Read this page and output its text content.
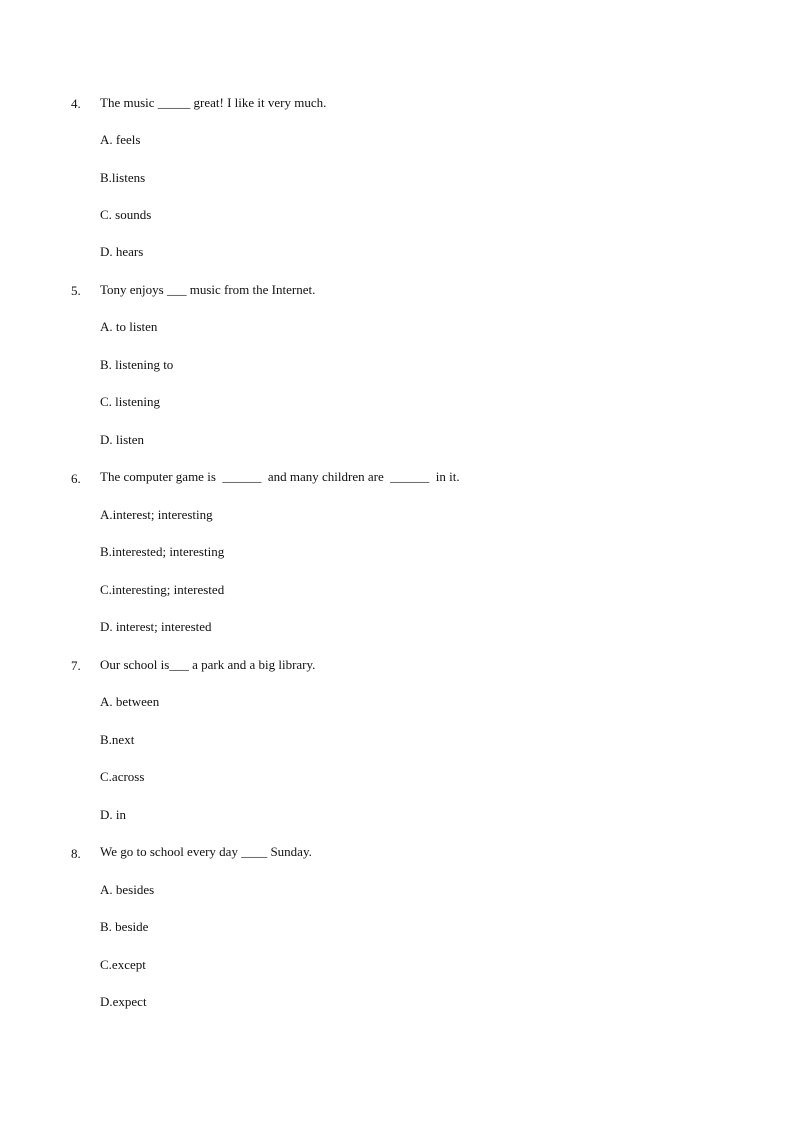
4. The music _____ great! I like it very much.
A. feels
B.listens
C. sounds
D. hears
5. Tony enjoys ___ music from the Internet.
A. to listen
B. listening to
C. listening
D. listen
6. The computer game is  ______  and many children are  ______  in it.
A.interest; interesting
B.interested; interesting
C.interesting; interested
D. interest; interested
7. Our school is___ a park and a big library.
A. between
B.next
C.across
D. in
8. We go to school every day ____ Sunday.
A. besides
B. beside
C.except
D.expect
